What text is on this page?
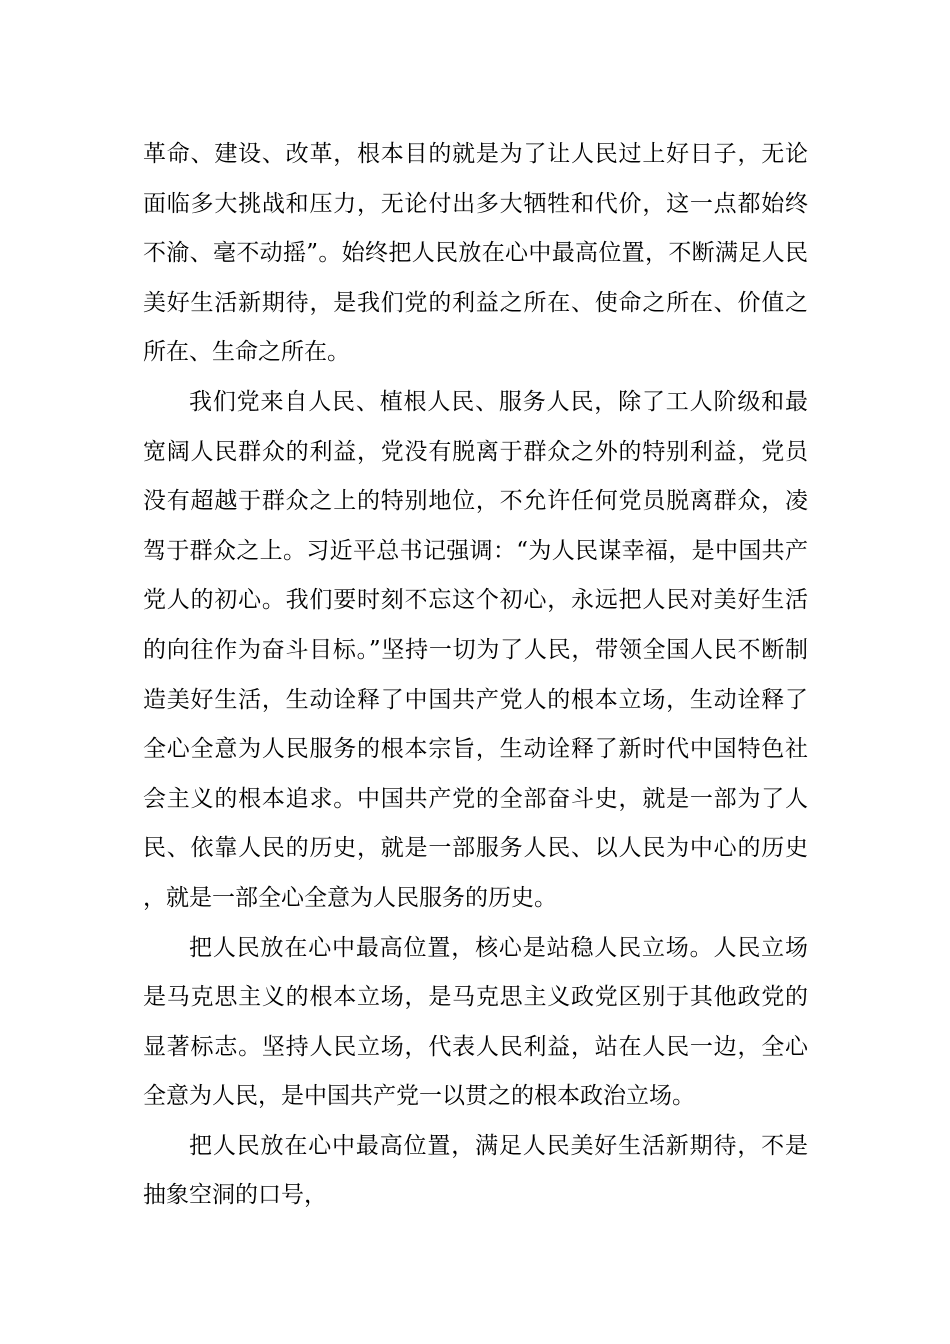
革命、建设、改革，根本目的就是为了让人民过上好日子，无论面临多大挑战和压力，无论付出多大牺牲和代价，这一点都始终不渝、毫不动摇”。始终把人民放在心中最高位置，不断满足人民美好生活新期待，是我们党的利益之所在、使命之所在、价值之所在、生命之所在。

我们党来自人民、植根人民、服务人民，除了工人阶级和最宽阔人民群众的利益，党没有脱离于群众之外的特别利益，党员没有超越于群众之上的特别地位，不允许任何党员脱离群众，凌驾于群众之上。习近平总书记强调：“为人民谋幸福，是中国共产党人的初心。我们要时刻不忘这个初心，永远把人民对美好生活的向往作为奋斗目标。”坚持一切为了人民，带领全国人民不断制造美好生活，生动诠释了中国共产党人的根本立场，生动诠释了全心全意为人民服务的根本宗旨，生动诠释了新时代中国特色社会主义的根本追求。中国共产党的全部奋斗史，就是一部为了人民、依靠人民的历史，就是一部服务人民、以人民为中心的历史，就是一部全心全意为人民服务的历史。

把人民放在心中最高位置，核心是站稳人民立场。人民立场是马克思主义的根本立场，是马克思主义政党区别于其他政党的显著标志。坚持人民立场，代表人民利益，站在人民一边，全心全意为人民，是中国共产党一以贯之的根本政治立场。

把人民放在心中最高位置，满足人民美好生活新期待，不是抽象空洞的口号，
